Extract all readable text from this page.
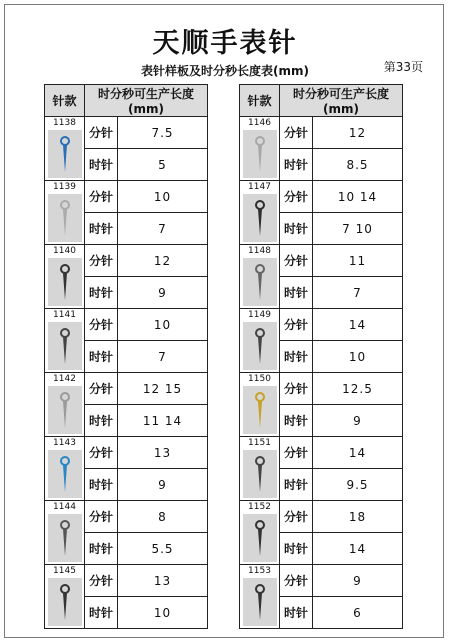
天顺手表针
表针样板及时分秒长度表(mm)	第33页
针款	时分秒可生产长度(mm)	

1138	分针	7.5
	时针	5

1139	分针	10
	时针	7

1140	分针	12
	时针	9

1141	分针	10
	时针	7

1142	分针	12 15
	时针	11 14

1143	分针	13
	时针	9

1144	分针	8
	时针	5.5

1145	分针	13
	时针	10
针款	时分秒可生产长度(mm)	

1146	分针	12
	时针	8.5

1147	分针	10 14
	时针	7 10

1148	分针	11
	时针	7

1149	分针	14
	时针	10

1150	分针	12.5
	时针	9

1151	分针	14
	时针	9.5

1152	分针	18
	时针	14

1153	分针	9
	时针	6
